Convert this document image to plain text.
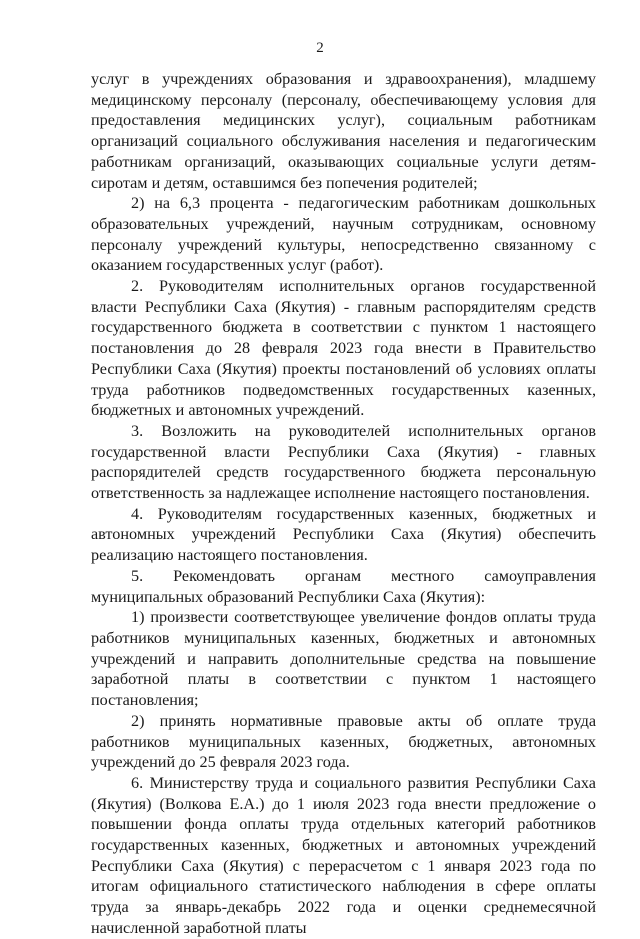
2

услуг в учреждениях образования и здравоохранения), младшему медицинскому персоналу (персоналу, обеспечивающему условия для предоставления медицинских услуг), социальным работникам организаций социального обслуживания населения и педагогическим работникам организаций, оказывающих социальные услуги детям-сиротам и детям, оставшимся без попечения родителей;

2) на 6,3 процента - педагогическим работникам дошкольных образовательных учреждений, научным сотрудникам, основному персоналу учреждений культуры, непосредственно связанному с оказанием государственных услуг (работ).

2. Руководителям исполнительных органов государственной власти Республики Саха (Якутия) - главным распорядителям средств государственного бюджета в соответствии с пунктом 1 настоящего постановления до 28 февраля 2023 года внести в Правительство Республики Саха (Якутия) проекты постановлений об условиях оплаты труда работников подведомственных государственных казенных, бюджетных и автономных учреждений.

3. Возложить на руководителей исполнительных органов государственной власти Республики Саха (Якутия) - главных распорядителей средств государственного бюджета персональную ответственность за надлежащее исполнение настоящего постановления.

4. Руководителям государственных казенных, бюджетных и автономных учреждений Республики Саха (Якутия) обеспечить реализацию настоящего постановления.

5. Рекомендовать органам местного самоуправления муниципальных образований Республики Саха (Якутия):

1) произвести соответствующее увеличение фондов оплаты труда работников муниципальных казенных, бюджетных и автономных учреждений и направить дополнительные средства на повышение заработной платы в соответствии с пунктом 1 настоящего постановления;

2) принять нормативные правовые акты об оплате труда работников муниципальных казенных, бюджетных, автономных учреждений до 25 февраля 2023 года.

6. Министерству труда и социального развития Республики Саха (Якутия) (Волкова Е.А.) до 1 июля 2023 года внести предложение о повышении фонда оплаты труда отдельных категорий работников государственных казенных, бюджетных и автономных учреждений Республики Саха (Якутия) с перерасчетом с 1 января 2023 года по итогам официального статистического наблюдения в сфере оплаты труда за январь-декабрь 2022 года и оценки среднемесячной начисленной заработной платы
